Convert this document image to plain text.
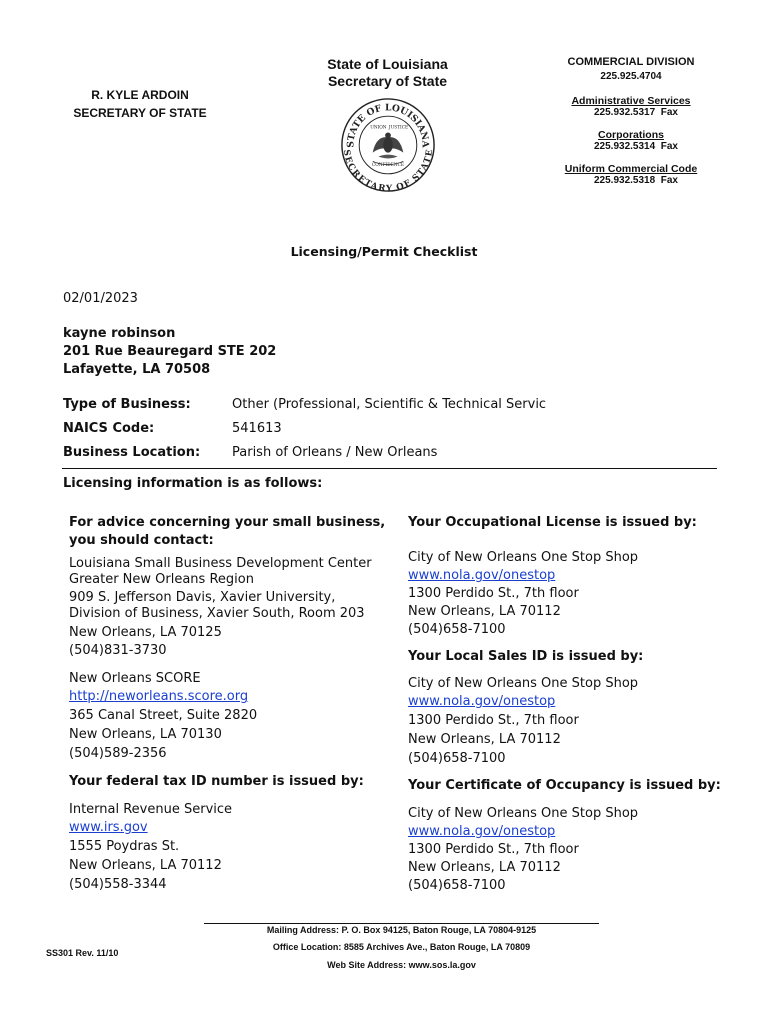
R. KYLE ARDOIN
SECRETARY OF STATE
State of Louisiana
Secretary of State
STATE OF LOUISIANA
SECRETARY OF STATE
UNION JUSTICE
CONFIDENCE
COMMERCIAL DIVISION
225.925.4704
Administrative Services
225.932.5317 Fax
Corporations
225.932.5314 Fax
Uniform Commercial Code
225.932.5318 Fax
Licensing/Permit Checklist
02/01/2023
kayne robinson
201 Rue Beauregard STE 202
Lafayette, LA 70508
Type of Business:	Other (Professional, Scientific & Technical Servic
NAICS Code:	541613
Business Location: Parish of Orleans / New Orleans
Licensing information is as follows:
For advice concerning your small business,
you should contact:
Louisiana Small Business Development Center
Greater New Orleans Region
909 S. Jefferson Davis, Xavier University,
Division of Business, Xavier South, Room 203
New Orleans, LA 70125
(504)831-3730
New Orleans SCORE
http://neworleans.score.org
365 Canal Street, Suite 2820
New Orleans, LA 70130
(504)589-2356
Your federal tax ID number is issued by:
Internal Revenue Service
www.irs.gov
1555 Poydras St.
New Orleans, LA 70112
(504)558-3344
Your Occupational License is issued by:
City of New Orleans One Stop Shop
www.nola.gov/onestop
1300 Perdido St., 7th floor
New Orleans, LA 70112
(504)658-7100
Your Local Sales ID is issued by:
City of New Orleans One Stop Shop
www.nola.gov/onestop
1300 Perdido St., 7th floor
New Orleans, LA 70112
(504)658-7100
Your Certificate of Occupancy is issued by:
City of New Orleans One Stop Shop
www.nola.gov/onestop
1300 Perdido St., 7th floor
New Orleans, LA 70112
(504)658-7100
Mailing Address: P. O. Box 94125, Baton Rouge, LA 70804-9125
Office Location: 8585 Archives Ave., Baton Rouge, LA 70809
Web Site Address: www.sos.la.gov
SS301 Rev. 11/10
